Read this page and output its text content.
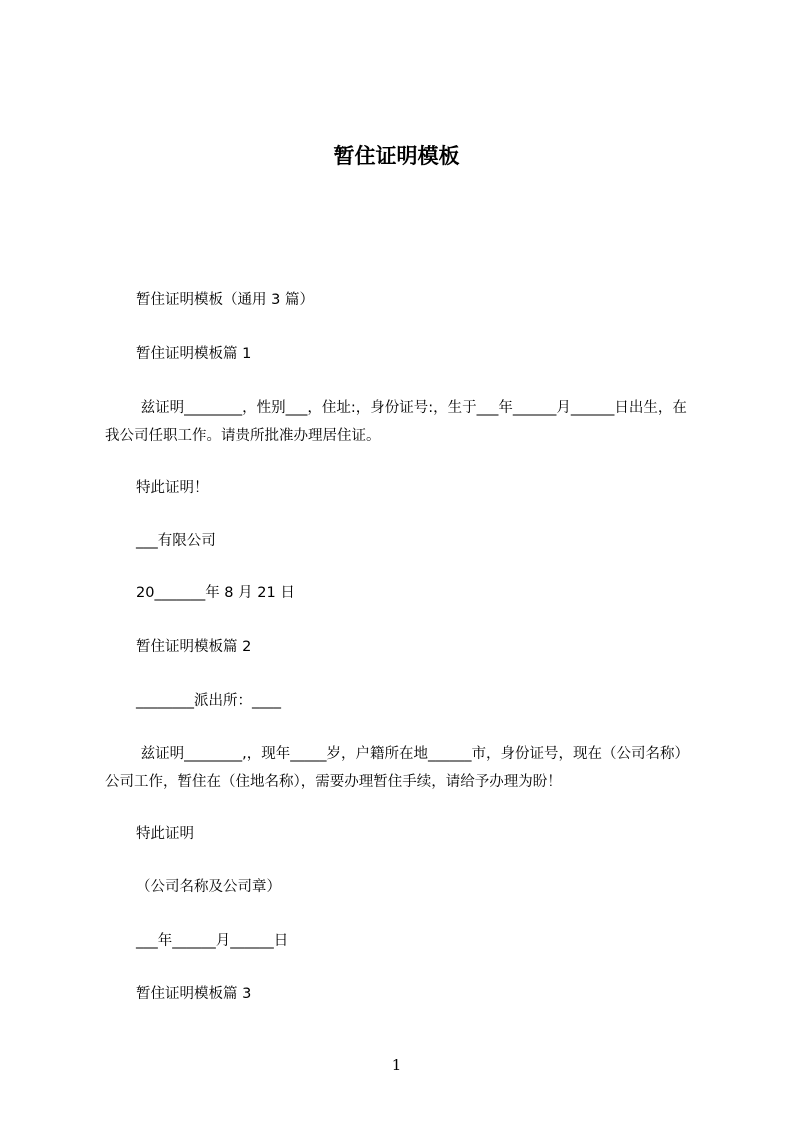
暂住证明模板
暂住证明模板（通用 3 篇）
暂住证明模板篇 1
兹证明________，性别___，住址:，身份证号:，生于___年______月______日出生，在我公司任职工作。请贵所批准办理居住证。
特此证明！
___有限公司
20_______年 8 月 21 日
暂住证明模板篇 2
________派出所：____
兹证明________,，现年_____岁，户籍所在地______市，身份证号，现在（公司名称）公司工作，暂住在（住地名称），需要办理暂住手续，请给予办理为盼！
特此证明
（公司名称及公司章）
___年______月______日
暂住证明模板篇 3
1
